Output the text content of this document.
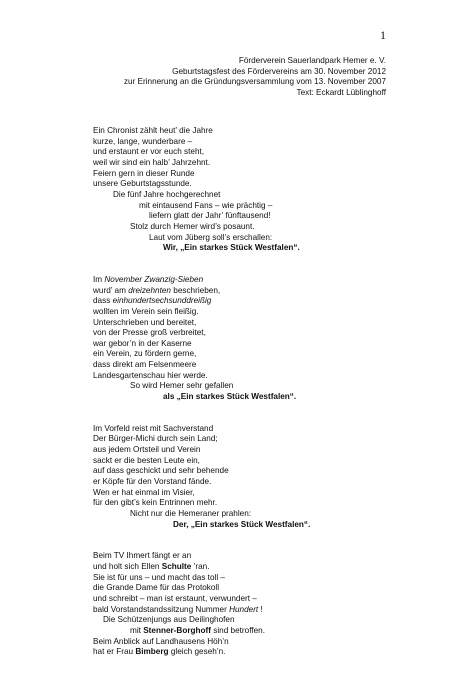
1
Förderverein Sauerlandpark Hemer e. V.
Geburtstagsfest des Fördervereins am 30. November 2012
zur Erinnerung an die Gründungsversammlung vom 13. November 2007
Text: Eckardt Lüblinghoff
Ein Chronist zählt heut’ die Jahre
kurze, lange, wunderbare –
und erstaunt er vor euch steht,
weil wir sind ein halb’ Jahrzehnt.
Feiern gern in dieser Runde
unsere Geburtstagsstunde.
Die fünf Jahre hochgerechnet
mit eintausend Fans – wie prächtig –
liefern glatt der Jahr’ fünftausend!
Stolz durch Hemer wird’s posaunt.
Laut vom Jüberg soll’s erschallen:
Wir, „Ein starkes Stück Westfalen“.
Im November Zwanzig-Sieben
wurd’ am dreizehnten beschrieben,
dass einhundertsechsunddreißig
wollten im Verein sein fleißig.
Unterschrieben und bereitet,
von der Presse groß verbreitet,
war gebor’n in der Kaserne
ein Verein, zu fördern gerne,
dass direkt am Felsenmeere
Landesgartenschau hier werde.
So wird Hemer sehr gefallen
als „Ein starkes Stück Westfalen“.
Im Vorfeld reist mit Sachverstand
Der Bürger-Michi durch sein Land;
aus jedem Ortsteil und Verein
sackt er die besten Leute ein,
auf dass geschickt und sehr behende
er Köpfe für den Vorstand fände.
Wen er hat einmal im Visier,
für den gibt’s kein Entrinnen mehr.
Nicht nur die Hemeraner prahlen:
Der, „Ein starkes Stück Westfalen“.
Beim TV Ihmert fängt er an
und holt sich Ellen Schulte ’ran.
Sie ist für uns – und macht das toll –
die Grande Dame für das Protokoll
und schreibt – man ist erstaunt, verwundert –
bald Vorstandstandssitzung Nummer Hundert !
Die Schützenjungs aus Deilinghofen
mit Stenner-Borghoff sind betroffen.
Beim Anblick auf Landhausens Höh’n
hat er Frau Bimberg gleich geseh’n.
